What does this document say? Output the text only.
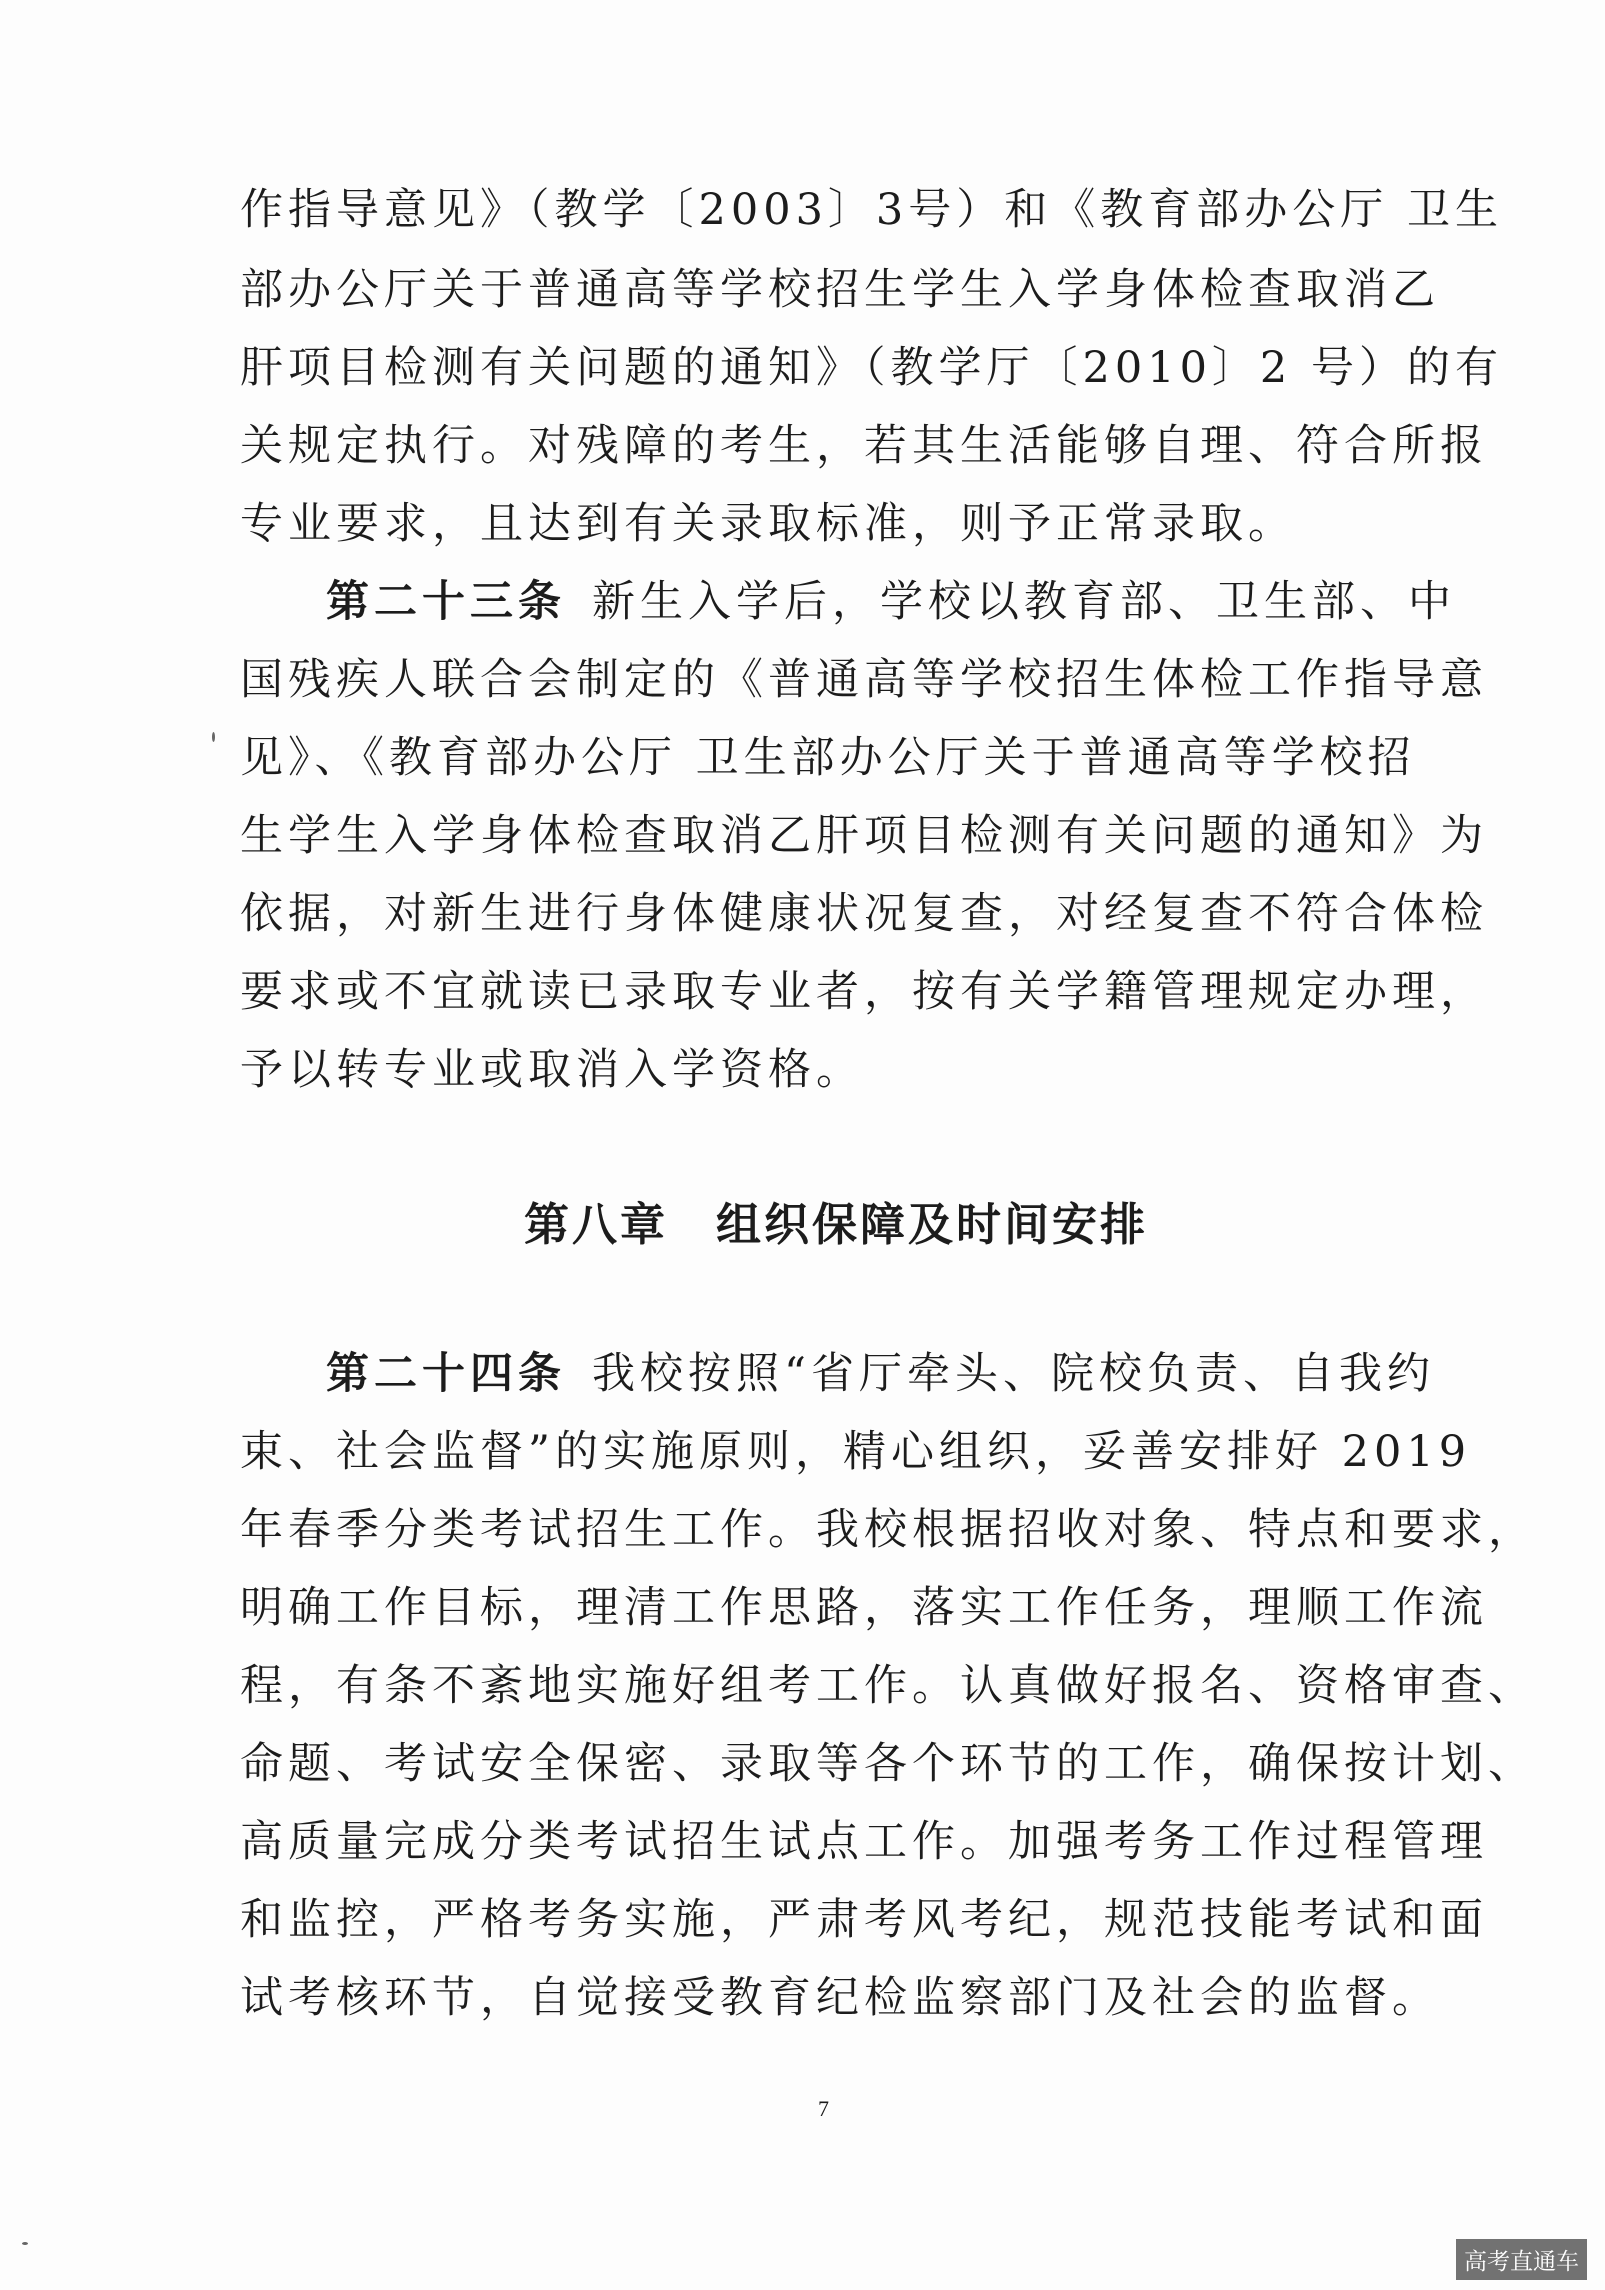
作指导意见》（教学〔2003〕3号）和《教育部办公厅 卫生
部办公厅关于普通高等学校招生学生入学身体检查取消乙
肝项目检测有关问题的通知》（教学厅〔2010〕2 号）的有
关规定执行。对残障的考生，若其生活能够自理、符合所报
专业要求，且达到有关录取标准，则予正常录取。
第二十三条 新生入学后，学校以教育部、卫生部、中
国残疾人联合会制定的《普通高等学校招生体检工作指导意
见》、《教育部办公厅 卫生部办公厅关于普通高等学校招
生学生入学身体检查取消乙肝项目检测有关问题的通知》为
依据，对新生进行身体健康状况复查，对经复查不符合体检
要求或不宜就读已录取专业者，按有关学籍管理规定办理，
予以转专业或取消入学资格。
第八章　组织保障及时间安排
第二十四条 我校按照“省厅牵头、院校负责、自我约
束、社会监督”的实施原则，精心组织，妥善安排好 2019
年春季分类考试招生工作。我校根据招收对象、特点和要求，
明确工作目标，理清工作思路，落实工作任务，理顺工作流
程，有条不紊地实施好组考工作。认真做好报名、资格审查、
命题、考试安全保密、录取等各个环节的工作，确保按计划、
高质量完成分类考试招生试点工作。加强考务工作过程管理
和监控，严格考务实施，严肃考风考纪，规范技能考试和面
试考核环节，自觉接受教育纪检监察部门及社会的监督。
7
高考直通车
